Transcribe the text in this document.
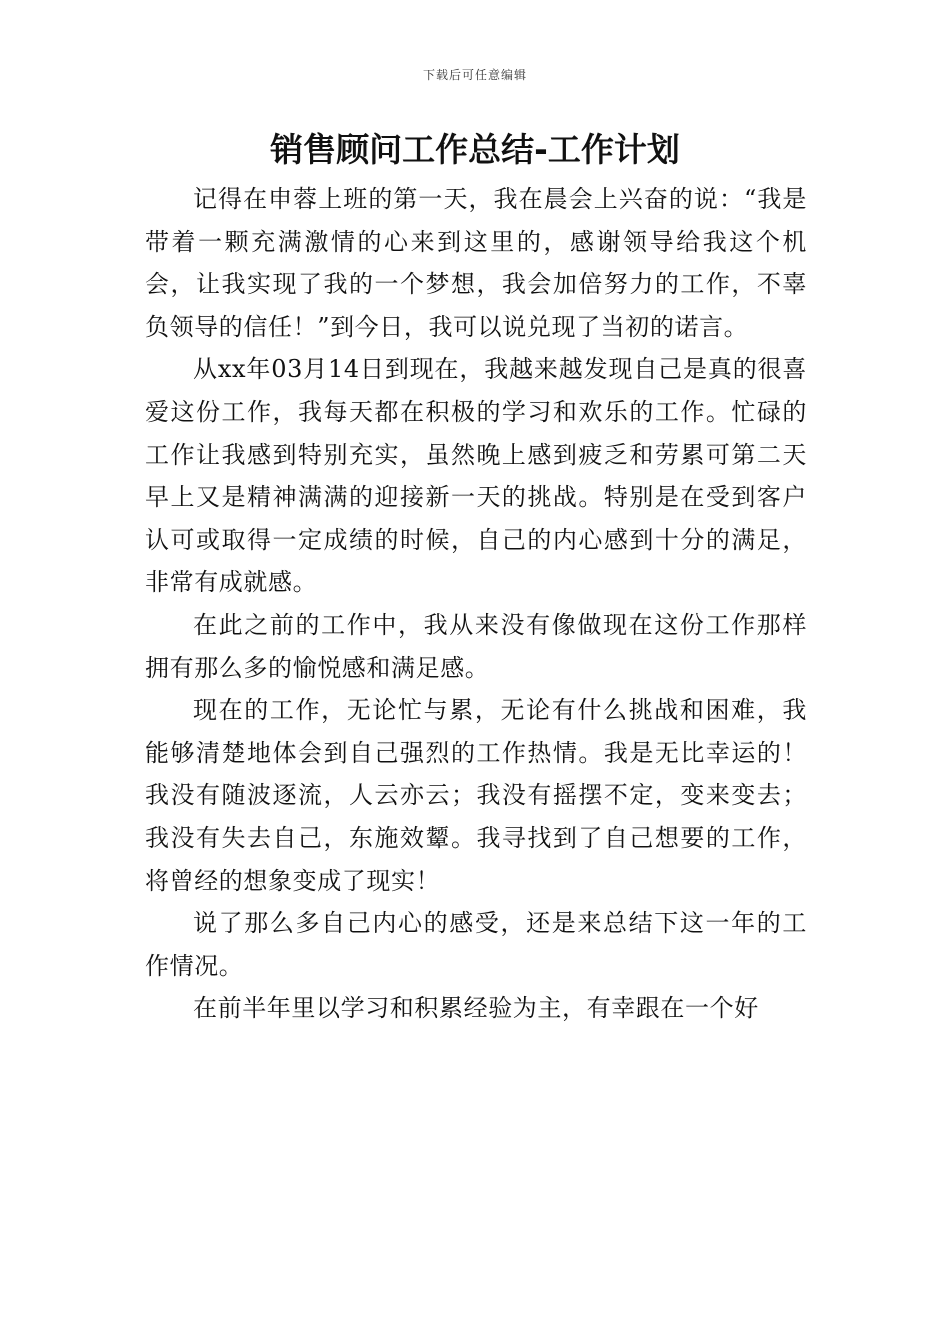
下载后可任意编辑
销售顾问工作总结-工作计划

记得在申蓉上班的第一天，我在晨会上兴奋的说：“我是带着一颗充满激情的心来到这里的，感谢领导给我这个机会，让我实现了我的一个梦想，我会加倍努力的工作，不辜负领导的信任！”到今日，我可以说兑现了当初的诺言。

从xx年03月14日到现在，我越来越发现自己是真的很喜爱这份工作，我每天都在积极的学习和欢乐的工作。忙碌的工作让我感到特别充实，虽然晚上感到疲乏和劳累可第二天早上又是精神满满的迎接新一天的挑战。特别是在受到客户认可或取得一定成绩的时候，自己的内心感到十分的满足，非常有成就感。

在此之前的工作中，我从来没有像做现在这份工作那样拥有那么多的愉悦感和满足感。

现在的工作，无论忙与累，无论有什么挑战和困难，我能够清楚地体会到自己强烈的工作热情。我是无比幸运的！我没有随波逐流，人云亦云；我没有摇摆不定，变来变去；我没有失去自己，东施效颦。我寻找到了自己想要的工作，将曾经的想象变成了现实！

说了那么多自己内心的感受，还是来总结下这一年的工作情况。

在前半年里以学习和积累经验为主，有幸跟在一个好
